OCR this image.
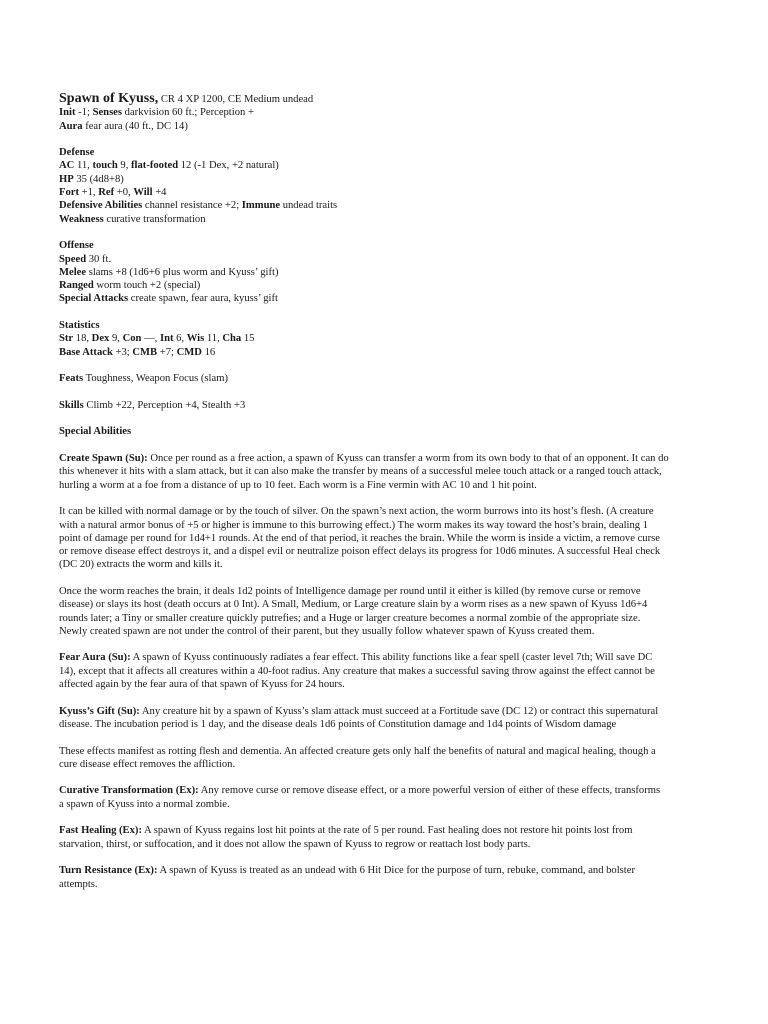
Spawn of Kyuss, CR 4 XP 1200, CE Medium undead
Init -1; Senses darkvision 60 ft.; Perception +
Aura fear aura (40 ft., DC 14)
Defense
AC 11, touch 9, flat-footed 12 (-1 Dex, +2 natural)
HP 35 (4d8+8)
Fort +1, Ref +0, Will +4
Defensive Abilities channel resistance +2; Immune undead traits
Weakness curative transformation
Offense
Speed 30 ft.
Melee slams +8 (1d6+6 plus worm and Kyuss’ gift)
Ranged worm touch +2 (special)
Special Attacks create spawn, fear aura, kyuss’ gift
Statistics
Str 18, Dex 9, Con —, Int 6, Wis 11, Cha 15
Base Attack +3; CMB +7; CMD 16
Feats Toughness, Weapon Focus (slam)
Skills Climb +22, Perception +4, Stealth +3
Special Abilities
Create Spawn (Su): Once per round as a free action, a spawn of Kyuss can transfer a worm from its own body to that of an opponent. It can do
this whenever it hits with a slam attack, but it can also make the transfer by means of a successful melee touch attack or a ranged touch attack,
hurling a worm at a foe from a distance of up to 10 feet. Each worm is a Fine vermin with AC 10 and 1 hit point.
It can be killed with normal damage or by the touch of silver. On the spawn’s next action, the worm burrows into its host’s flesh. (A creature
with a natural armor bonus of +5 or higher is immune to this burrowing effect.) The worm makes its way toward the host’s brain, dealing 1
point of damage per round for 1d4+1 rounds. At the end of that period, it reaches the brain. While the worm is inside a victim, a remove curse
or remove disease effect destroys it, and a dispel evil or neutralize poison effect delays its progress for 10d6 minutes. A successful Heal check
(DC 20) extracts the worm and kills it.
Once the worm reaches the brain, it deals 1d2 points of Intelligence damage per round until it either is killed (by remove curse or remove
disease) or slays its host (death occurs at 0 Int). A Small, Medium, or Large creature slain by a worm rises as a new spawn of Kyuss 1d6+4
rounds later; a Tiny or smaller creature quickly putrefies; and a Huge or larger creature becomes a normal zombie of the appropriate size.
Newly created spawn are not under the control of their parent, but they usually follow whatever spawn of Kyuss created them.
Fear Aura (Su): A spawn of Kyuss continuously radiates a fear effect. This ability functions like a fear spell (caster level 7th; Will save DC
14), except that it affects all creatures within a 40-foot radius. Any creature that makes a successful saving throw against the effect cannot be
affected again by the fear aura of that spawn of Kyuss for 24 hours.
Kyuss’s Gift (Su): Any creature hit by a spawn of Kyuss’s slam attack must succeed at a Fortitude save (DC 12) or contract this supernatural
disease. The incubation period is 1 day, and the disease deals 1d6 points of Constitution damage and 1d4 points of Wisdom damage
These effects manifest as rotting flesh and dementia. An affected creature gets only half the benefits of natural and magical healing, though a
cure disease effect removes the affliction.
Curative Transformation (Ex): Any remove curse or remove disease effect, or a more powerful version of either of these effects, transforms
a spawn of Kyuss into a normal zombie.
Fast Healing (Ex): A spawn of Kyuss regains lost hit points at the rate of 5 per round. Fast healing does not restore hit points lost from
starvation, thirst, or suffocation, and it does not allow the spawn of Kyuss to regrow or reattach lost body parts.
Turn Resistance (Ex): A spawn of Kyuss is treated as an undead with 6 Hit Dice for the purpose of turn, rebuke, command, and bolster
attempts.
